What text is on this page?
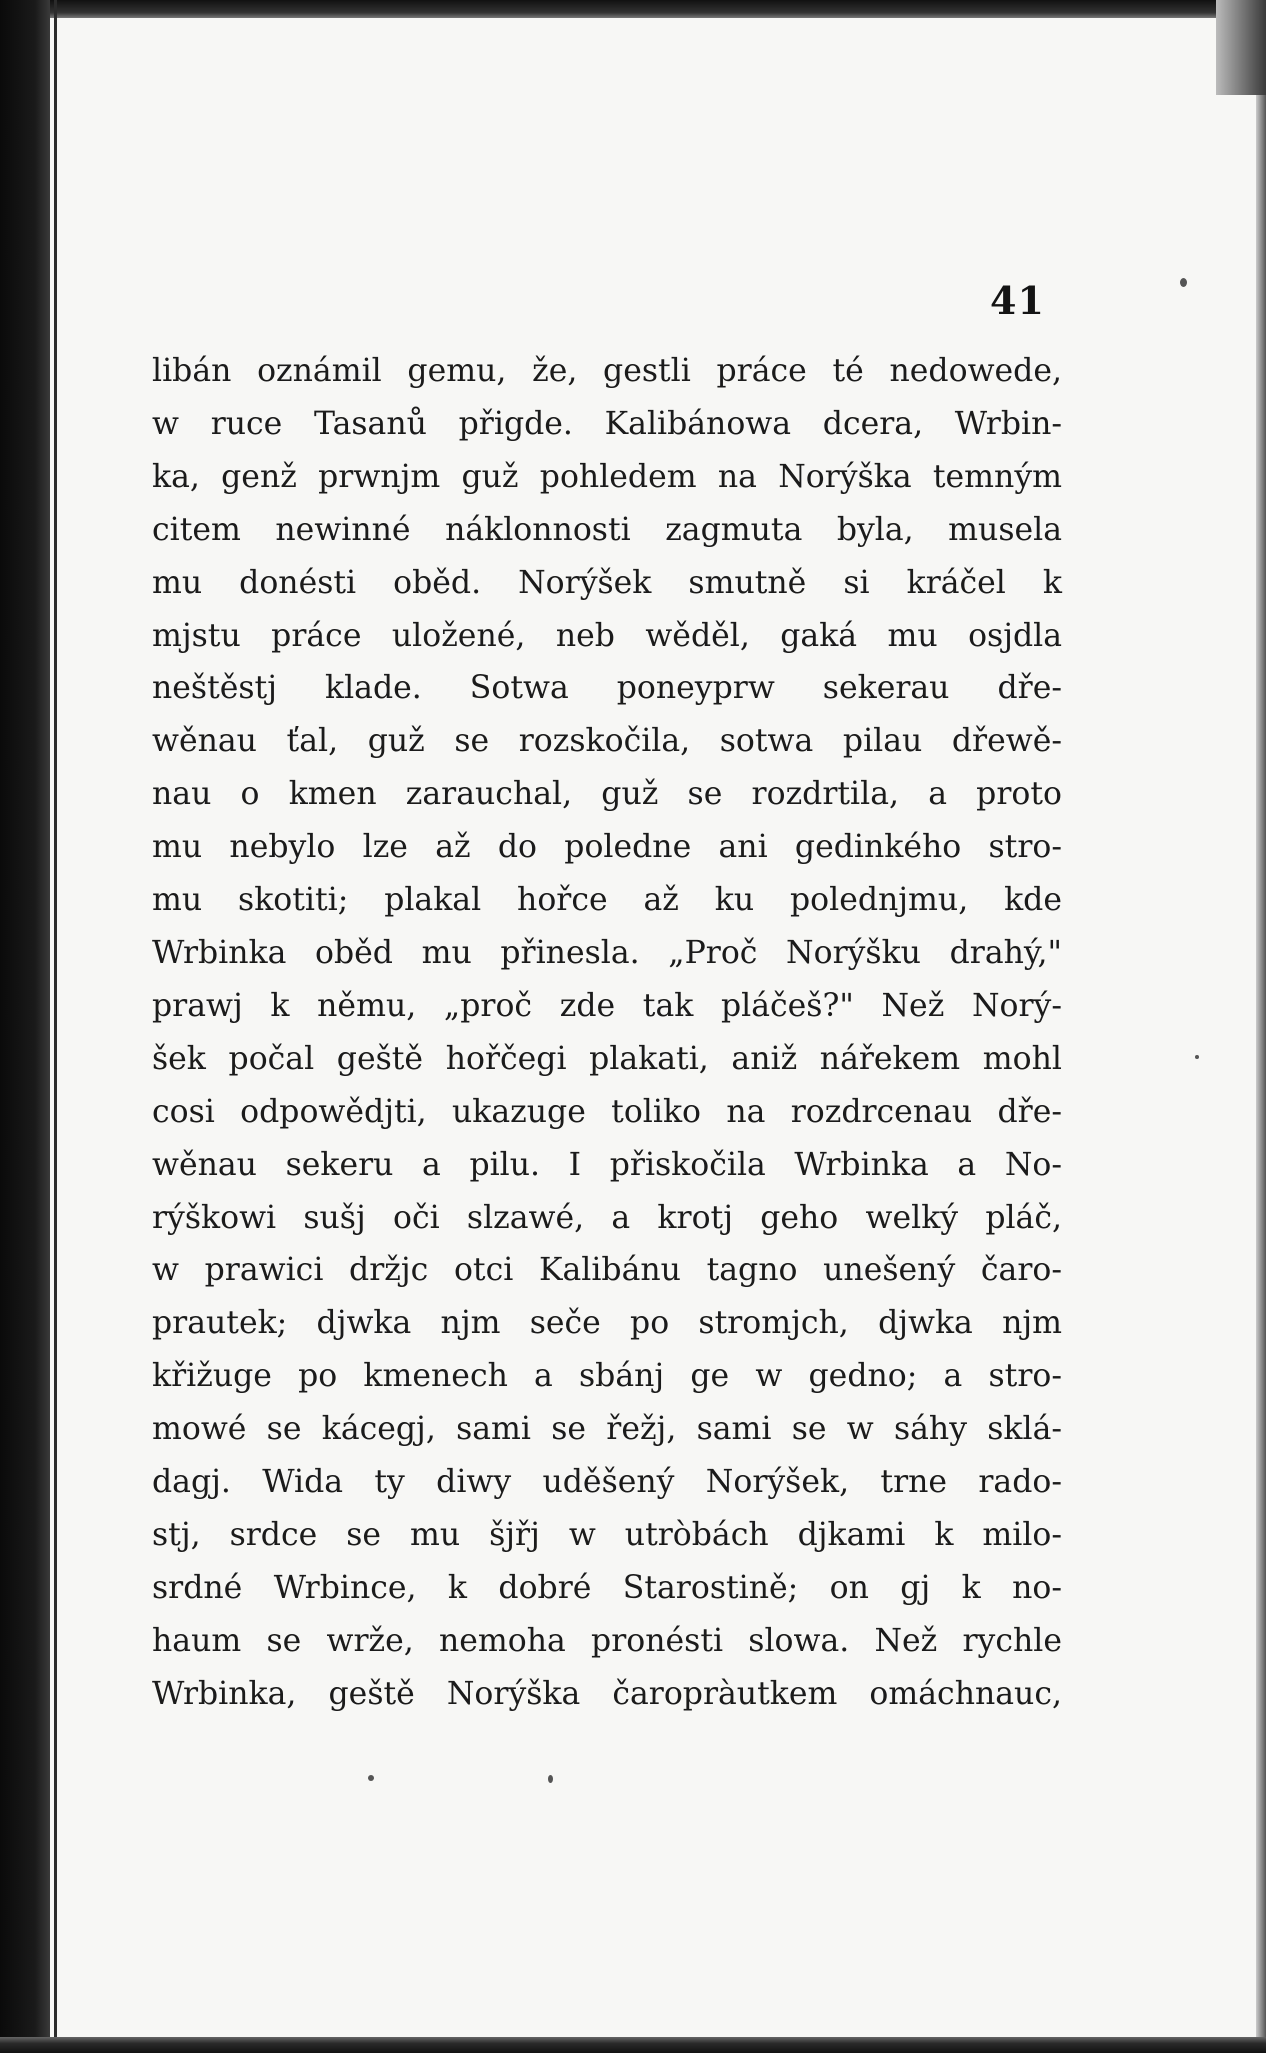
41
libán oznámil gemu, že, gestli práce té nedowede,
w ruce Tasanů přigde. Kalibánowa dcera, Wrbin-
ka, genž prwnjm guž pohledem na Norýška temným
citem newinné náklonnosti zagmuta byla, musela
mu donésti oběd. Norýšek smutně si kráčel k
mjstu práce uložené, neb wěděl, gaká mu osjdla
neštěstj klade. Sotwa poneyprw sekerau dře-
wěnau ťal, guž se rozskočila, sotwa pilau dřewě-
nau o kmen zarauchal, guž se rozdrtila, a proto
mu nebylo lze až do poledne ani gedinkého stro-
mu skotiti; plakal hořce až ku polednjmu, kde
Wrbinka oběd mu přinesla. „Proč Norýšku drahý,"
prawj k němu, „proč zde tak pláčeš?" Než Norý-
šek počal geště hořčegi plakati, aniž nářekem mohl
cosi odpowědjti, ukazuge toliko na rozdrcenau dře-
wěnau sekeru a pilu. I přiskočila Wrbinka a No-
rýškowi sušj oči slzawé, a krotj geho welký pláč,
w prawici držjc otci Kalibánu tagno unešený čaro-
prautek; djwka njm seče po stromjch, djwka njm
křižuge po kmenech a sbánj ge w gedno; a stro-
mowé se kácegj, sami se řežj, sami se w sáhy sklá-
dagj. Wida ty diwy uděšený Norýšek, trne rado-
stj, srdce se mu šjřj w utròbách djkami k milo-
srdné Wrbince, k dobré Starostině; on gj k no-
haum se wrže, nemoha pronésti slowa. Než rychle
Wrbinka, geště Norýška čaropràutkem omáchnauc,
